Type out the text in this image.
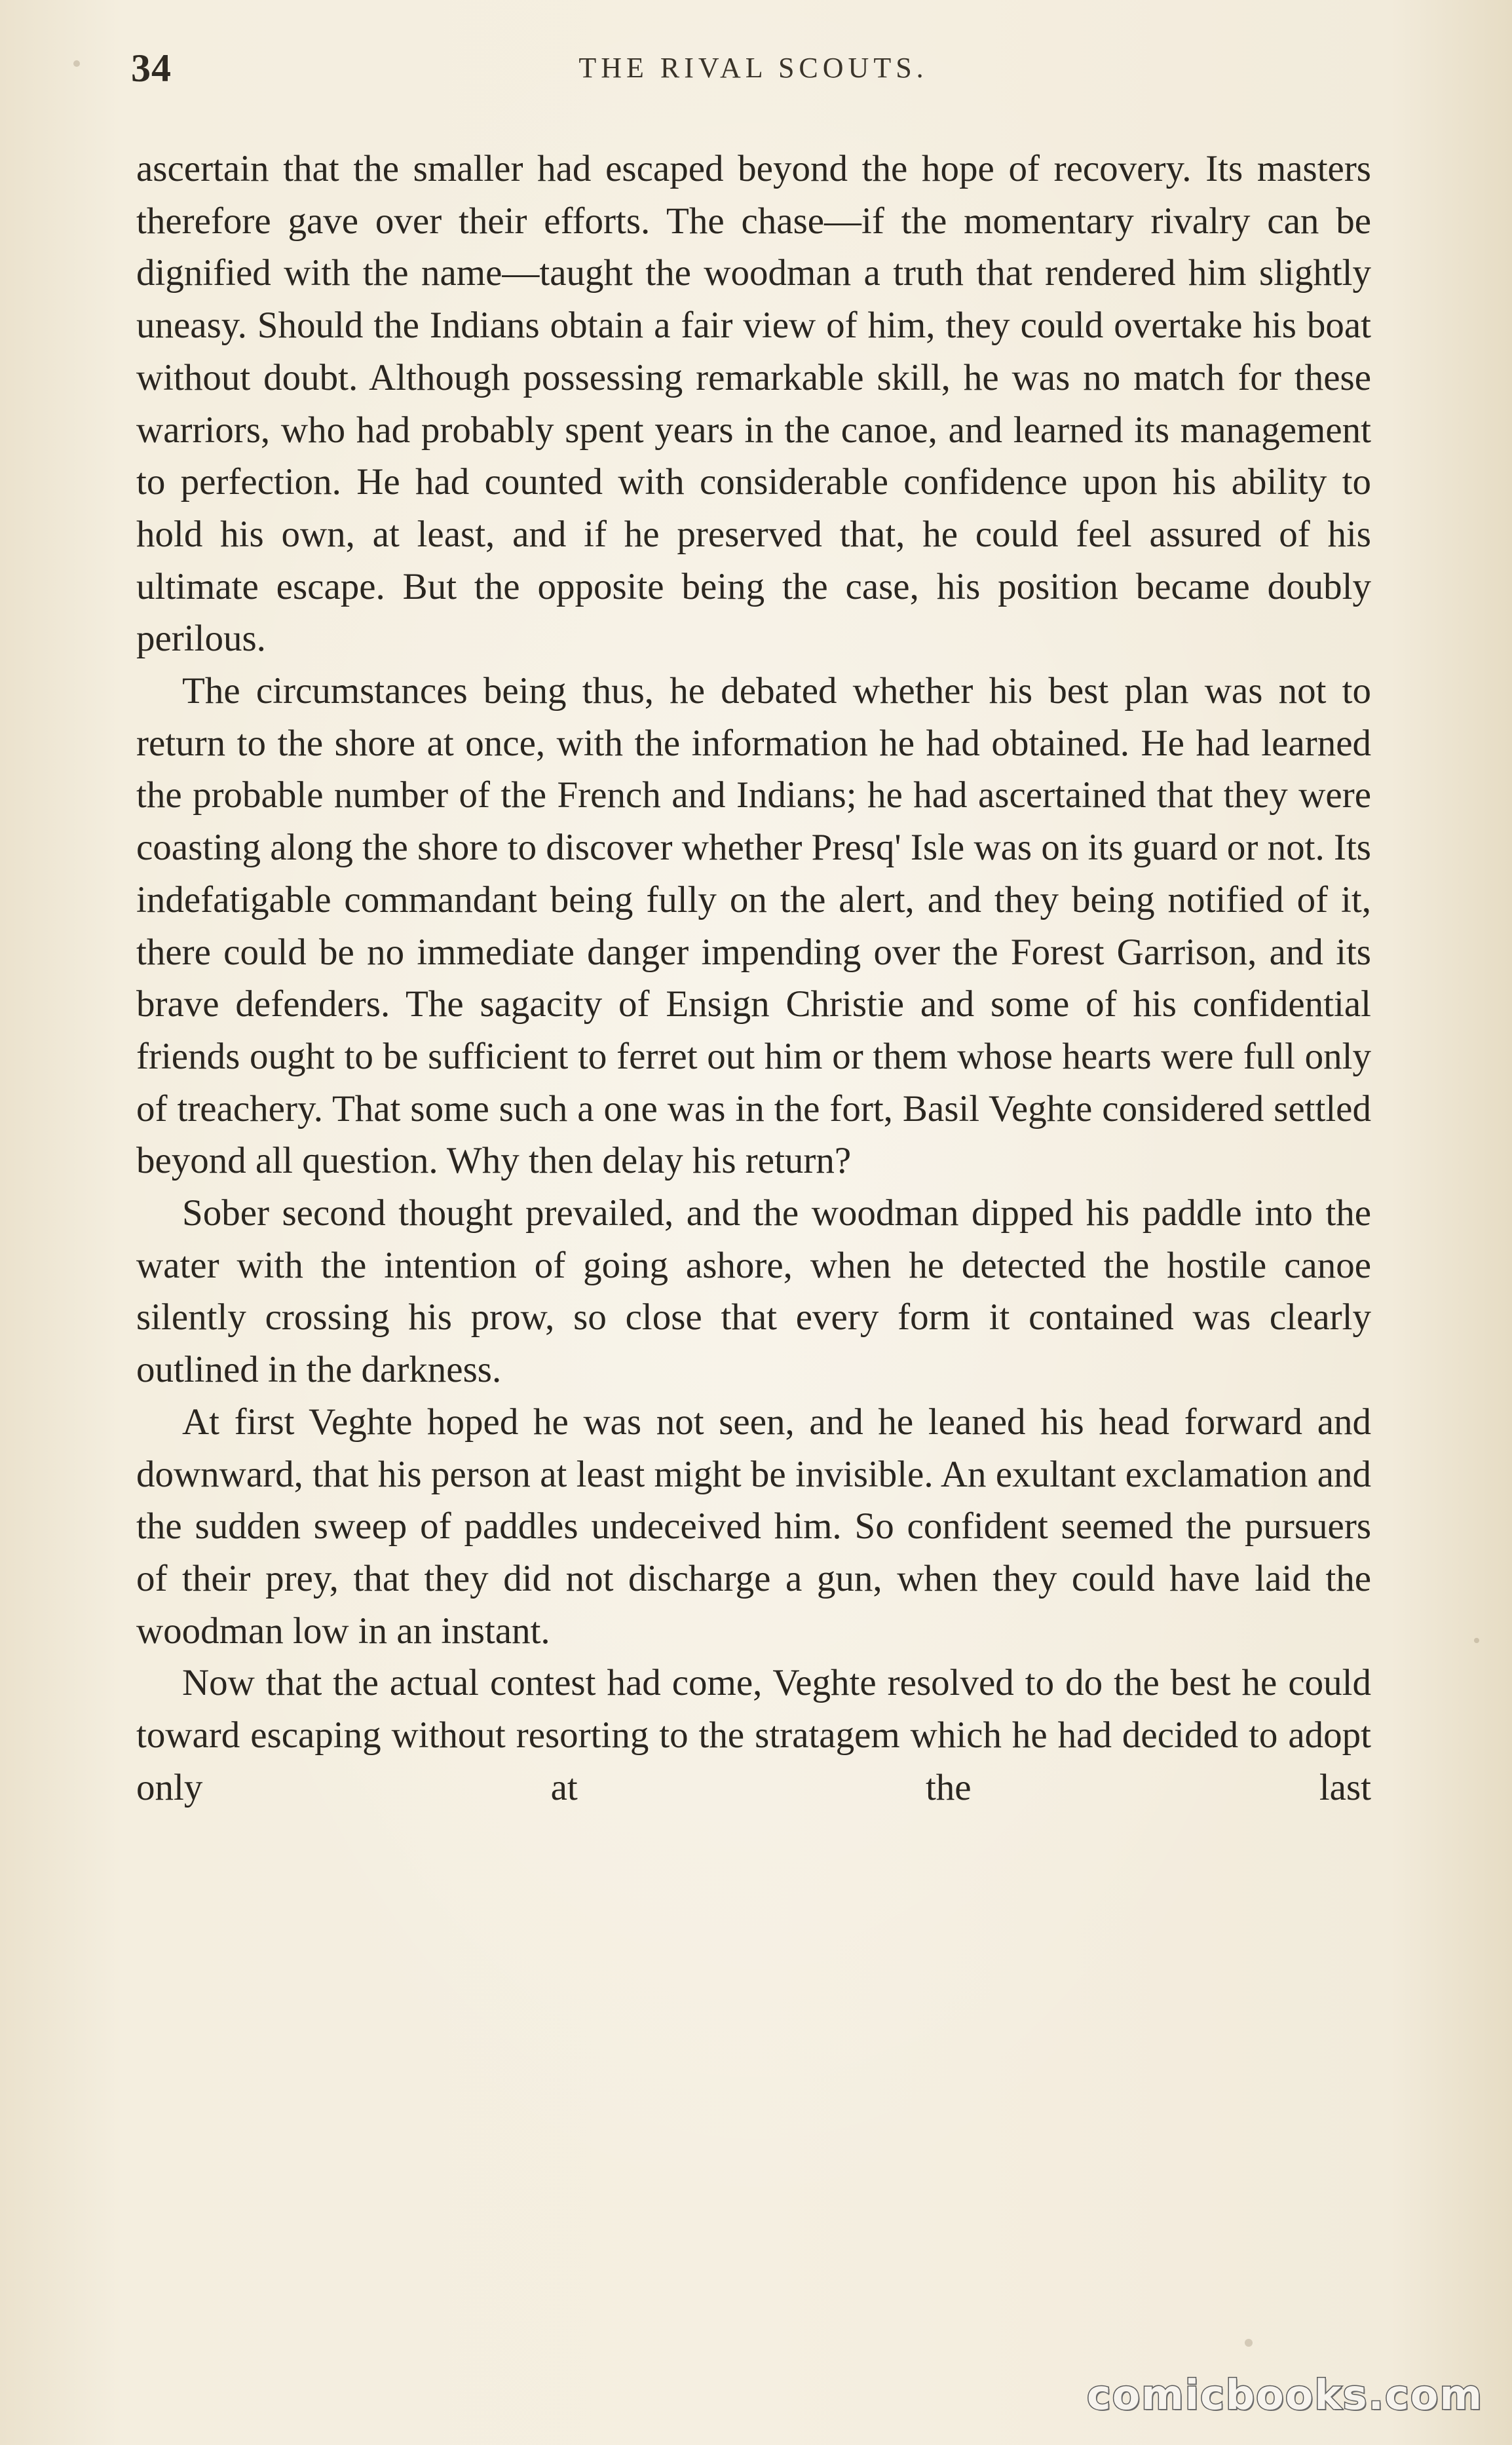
34	THE RIVAL SCOUTS.

ascertain that the smaller had escaped beyond the hope of recovery. Its masters therefore gave over their efforts. The chase—if the momentary rivalry can be dignified with the name—taught the woodman a truth that rendered him slightly uneasy. Should the Indians obtain a fair view of him, they could overtake his boat without doubt. Although possessing remarkable skill, he was no match for these warriors, who had probably spent years in the canoe, and learned its management to perfection. He had counted with considerable confidence upon his ability to hold his own, at least, and if he preserved that, he could feel assured of his ultimate escape. But the opposite being the case, his position became doubly perilous.

The circumstances being thus, he debated whether his best plan was not to return to the shore at once, with the information he had obtained. He had learned the probable number of the French and Indians; he had ascertained that they were coasting along the shore to discover whether Presq' Isle was on its guard or not. Its indefatigable commandant being fully on the alert, and they being notified of it, there could be no immediate danger impending over the Forest Garrison, and its brave defenders. The sagacity of Ensign Christie and some of his confidential friends ought to be sufficient to ferret out him or them whose hearts were full only of treachery. That some such a one was in the fort, Basil Veghte considered settled beyond all question. Why then delay his return?

Sober second thought prevailed, and the woodman dipped his paddle into the water with the intention of going ashore, when he detected the hostile canoe silently crossing his prow, so close that every form it contained was clearly outlined in the darkness.

At first Veghte hoped he was not seen, and he leaned his head forward and downward, that his person at least might be invisible. An exultant exclamation and the sudden sweep of paddles undeceived him. So confident seemed the pursuers of their prey, that they did not discharge a gun, when they could have laid the woodman low in an instant.

Now that the actual contest had come, Veghte resolved to do the best he could toward escaping without resorting to the stratagem which he had decided to adopt only at the last

comicbooks.com
